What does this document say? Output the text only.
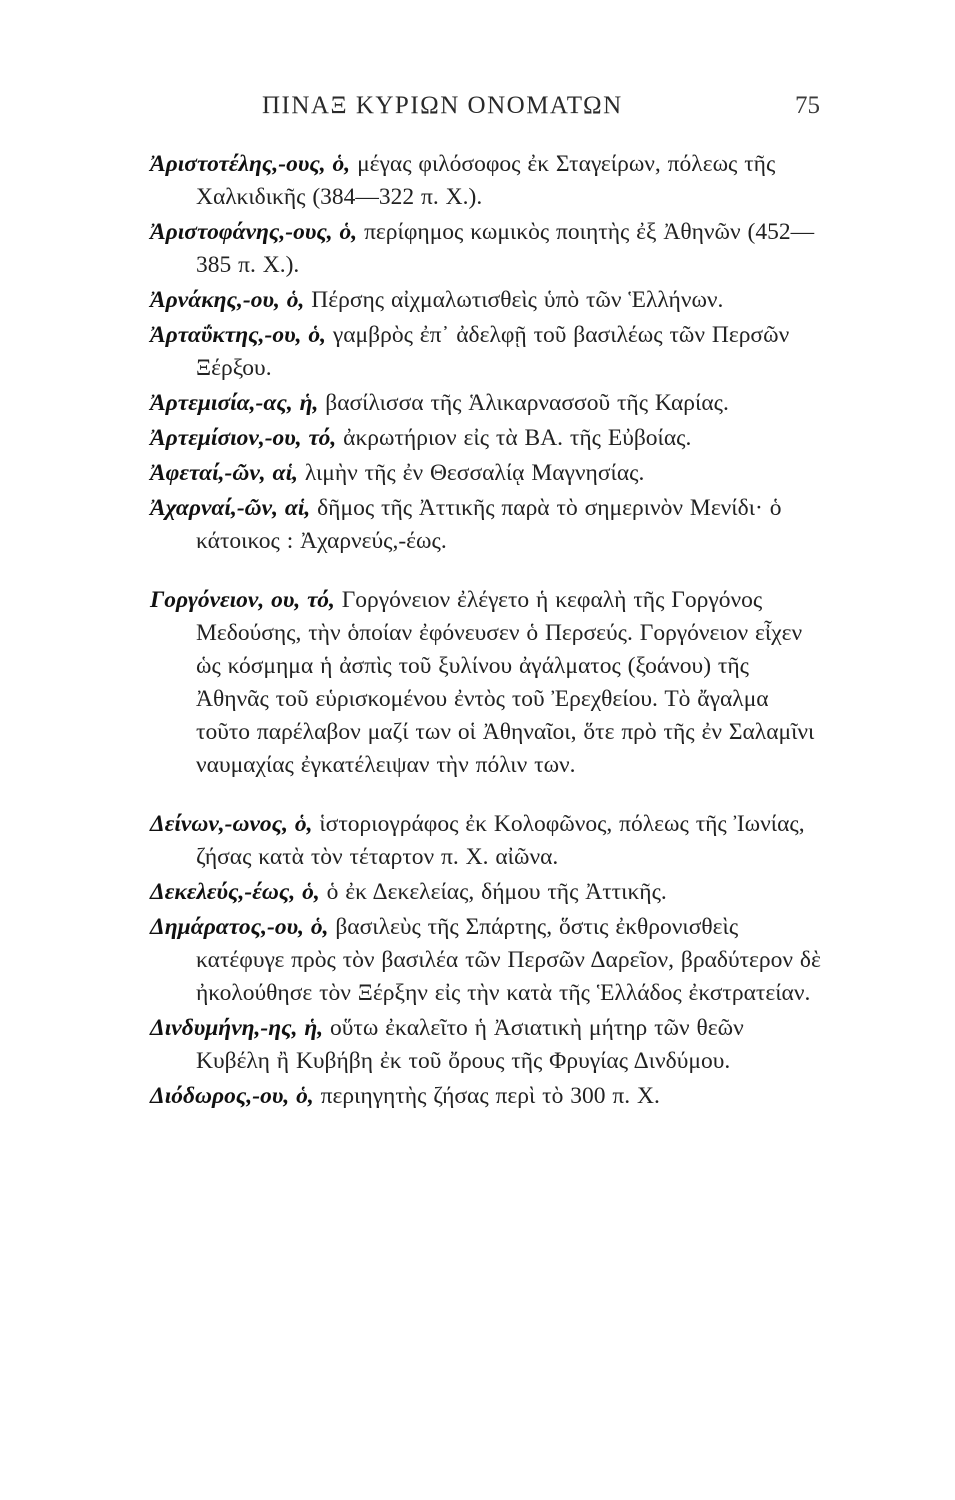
ΠΙΝΑΞ ΚΥΡΙΩΝ ΟΝΟΜΑΤΩΝ	75

Ἀριστοτέλης,-ους, ὁ, μέγας φιλόσοφος ἐκ Σταγείρων, πόλεως τῆς Χαλκιδικῆς (384—322 π. Χ.).

Ἀριστοφάνης,-ους, ὁ, περίφημος κωμικὸς ποιητὴς ἐξ Ἀθηνῶν (452—385 π. Χ.).

Ἀρνάκης,-ου, ὁ, Πέρσης αἰχμαλωτισθεὶς ὑπὸ τῶν Ἑλλήνων.

Ἀρταΰκτης,-ου, ὁ, γαμβρὸς ἐπ᾽ ἀδελφῇ τοῦ βασιλέως τῶν Περσῶν Ξέρξου.

Ἀρτεμισία,-ας, ἡ, βασίλισσα τῆς Ἁλικαρνασσοῦ τῆς Καρίας.

Ἀρτεμίσιον,-ου, τό, ἀκρωτήριον εἰς τὰ ΒΑ. τῆς Εὐβοίας.

Ἀφεταί,-ῶν, αἱ, λιμὴν τῆς ἐν Θεσσαλίᾳ Μαγνησίας.

Ἀχαρναί,-ῶν, αἱ, δῆμος τῆς Ἀττικῆς παρὰ τὸ σημερινὸν Μενίδι· ὁ κάτοικος : Ἀχαρνεύς,-έως.

Γοργόνειον, ου, τό, Γοργόνειον ἐλέγετο ἡ κεφαλὴ τῆς Γοργόνος Μεδούσης, τὴν ὁποίαν ἐφόνευσεν ὁ Περσεύς. Γοργόνειον εἶχεν ὡς κόσμημα ἡ ἀσπὶς τοῦ ξυλίνου ἀγάλματος (ξοάνου) τῆς Ἀθηνᾶς τοῦ εὑρισκομένου ἐντὸς τοῦ Ἐρεχθείου. Τὸ ἄγαλμα τοῦτο παρέλαβον μαζί των οἱ Ἀθηναῖοι, ὅτε πρὸ τῆς ἐν Σαλαμῖνι ναυμαχίας ἐγκατέλειψαν τὴν πόλιν των.

Δείνων,-ωνος, ὁ, ἱστοριογράφος ἐκ Κολοφῶνος, πόλεως τῆς Ἰωνίας, ζήσας κατὰ τὸν τέταρτον π. Χ. αἰῶνα.

Δεκελεύς,-έως, ὁ, ὁ ἐκ Δεκελείας, δήμου τῆς Ἀττικῆς.

Δημάρατος,-ου, ὁ, βασιλεὺς τῆς Σπάρτης, ὅστις ἐκθρονισθεὶς κατέφυγε πρὸς τὸν βασιλέα τῶν Περσῶν Δαρεῖον, βραδύτερον δὲ ἠκολούθησε τὸν Ξέρξην εἰς τὴν κατὰ τῆς Ἑλλάδος ἐκστρατείαν.

Δινδυμήνη,-ης, ἡ, οὕτω ἐκαλεῖτο ἡ Ἀσιατικὴ μήτηρ τῶν θεῶν Κυβέλη ἢ Κυβήβη ἐκ τοῦ ὄρους τῆς Φρυγίας Δινδύμου.

Διόδωρος,-ου, ὁ, περιηγητὴς ζήσας περὶ τὸ 300 π. Χ.
